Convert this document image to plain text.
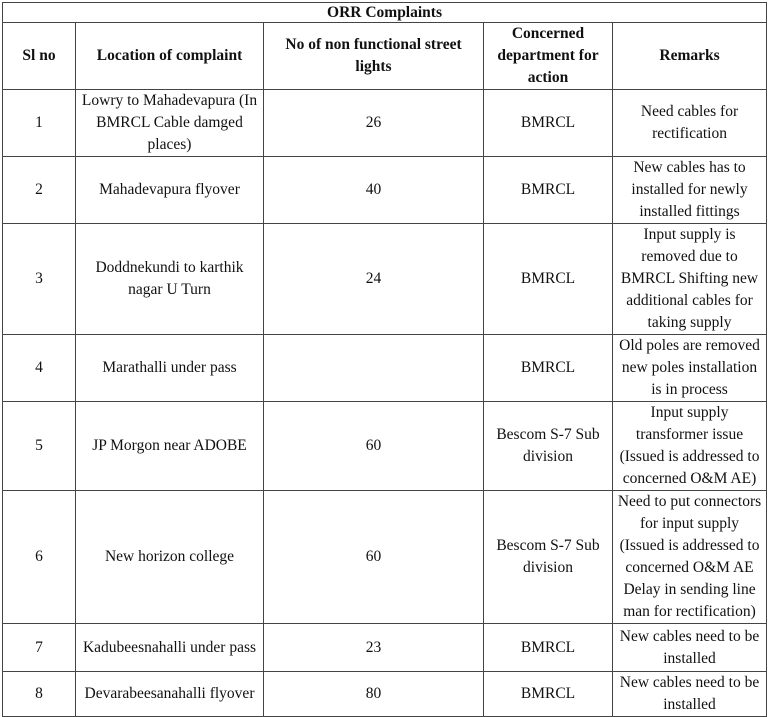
ORR Complaints				
Sl no	Location of complaint	No of non functional street lights	Concerned department for action	Remarks
1	Lowry to Mahadevapura (In BMRCL Cable damged places)	26	BMRCL	Need cables for rectification
2	Mahadevapura flyover	40	BMRCL	New cables has to installed for newly installed fittings
3	Doddnekundi to karthik nagar U Turn	24	BMRCL	Input supply is removed due to BMRCL Shifting new additional cables for taking supply
4	Marathalli under pass		BMRCL	Old poles are removed new poles installation is in process
5	JP Morgon near ADOBE	60	Bescom S-7 Sub division	Input supply transformer issue (Issued is addressed to concerned O&M AE)
6	New horizon college	60	Bescom S-7 Sub division	Need to put connectors for input supply (Issued is addressed to concerned O&M AE Delay in sending line man for rectification)
7	Kadubeesnahalli under pass	23	BMRCL	New cables need to be installed
8	Devarabeesanahalli flyover	80	BMRCL	New cables need to be installed
